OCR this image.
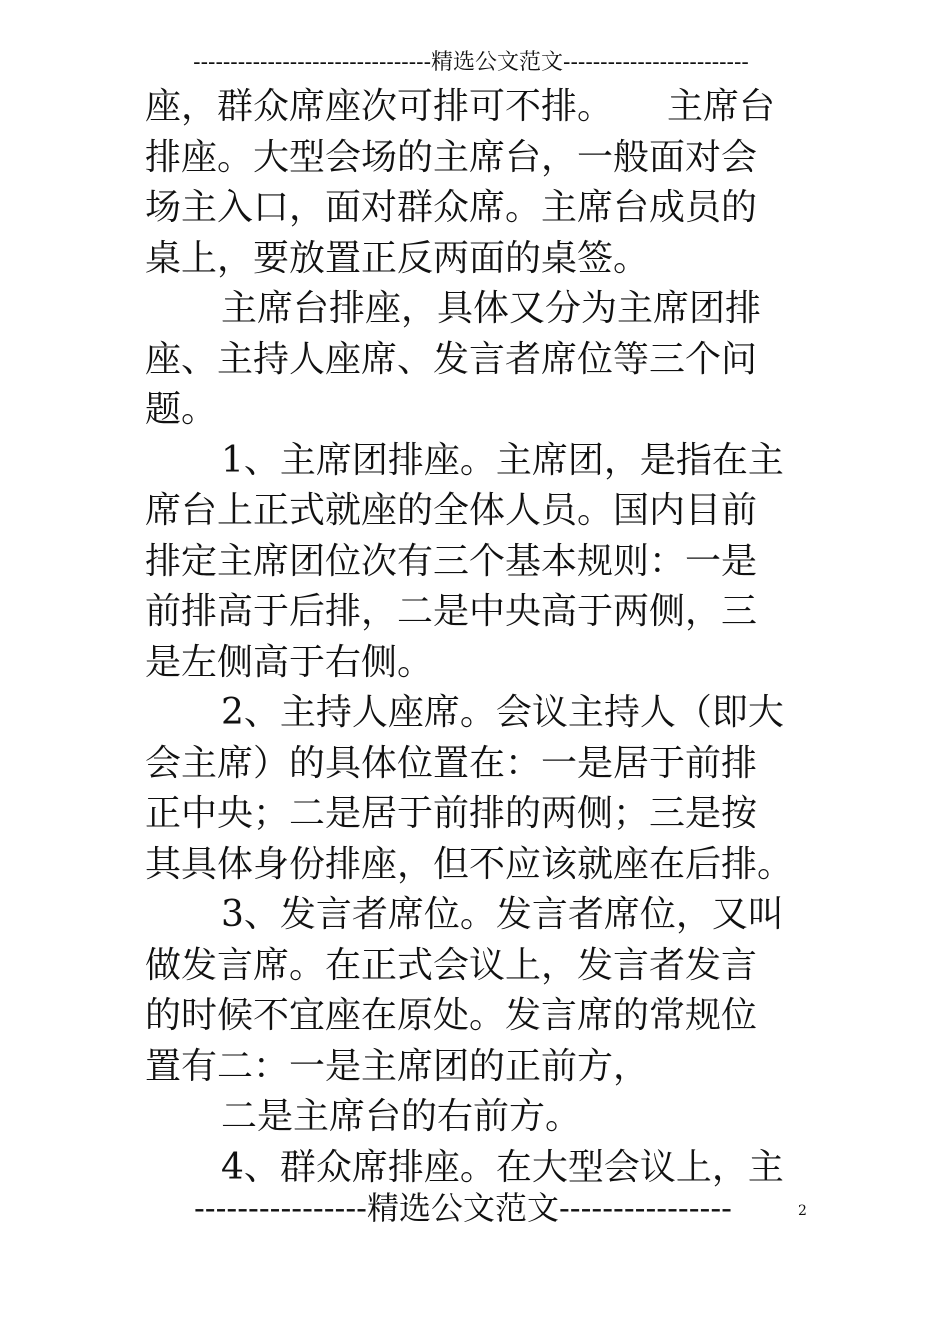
--------------------------------精选公文范文-------------------------
座，群众席座次可排可不排。　　主席台
排座。大型会场的主席台，一般面对会
场主入口，面对群众席。主席台成员的
桌上，要放置正反两面的桌签。
主席台排座，具体又分为主席团排
座、主持人座席、发言者席位等三个问
题。
1、主席团排座。主席团，是指在主
席台上正式就座的全体人员。国内目前
排定主席团位次有三个基本规则：一是
前排高于后排，二是中央高于两侧，三
是左侧高于右侧。
2、主持人座席。会议主持人（即大
会主席）的具体位置在：一是居于前排
正中央；二是居于前排的两侧；三是按
其具体身份排座，但不应该就座在后排。
3、发言者席位。发言者席位，又叫
做发言席。在正式会议上，发言者发言
的时候不宜座在原处。发言席的常规位
置有二：一是主席团的正前方，
二是主席台的右前方。
4、群众席排座。在大型会议上，主
----------------精选公文范文----------------	2
